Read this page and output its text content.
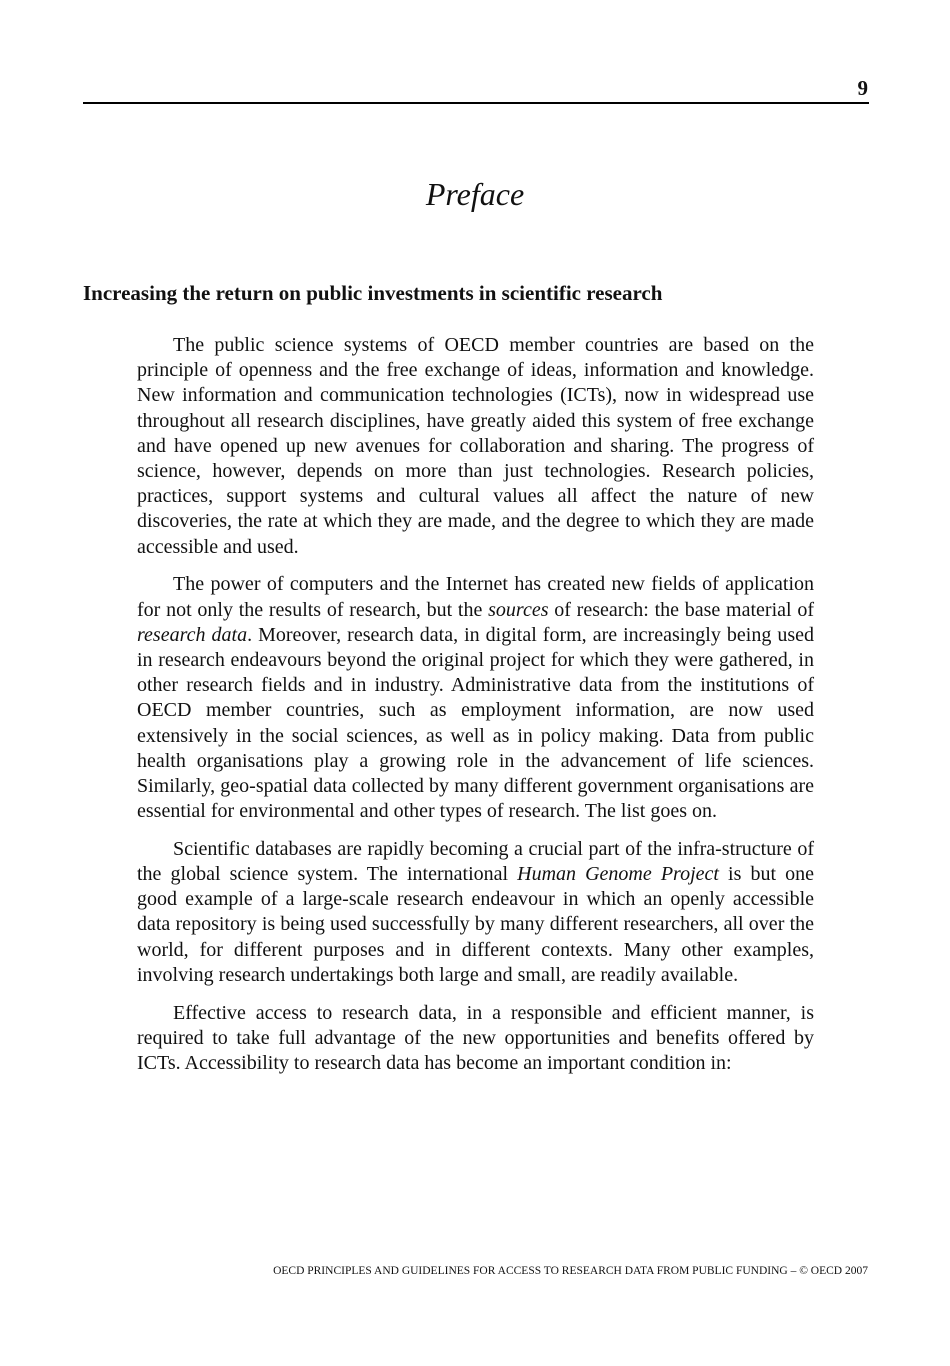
9
Preface
Increasing the return on public investments in scientific research

The public science systems of OECD member countries are based on the principle of openness and the free exchange of ideas, information and knowledge. New information and communication technologies (ICTs), now in widespread use throughout all research disciplines, have greatly aided this system of free exchange and have opened up new avenues for collaboration and sharing. The progress of science, however, depends on more than just technologies. Research policies, practices, support systems and cultural values all affect the nature of new discoveries, the rate at which they are made, and the degree to which they are made accessible and used.

The power of computers and the Internet has created new fields of application for not only the results of research, but the sources of research: the base material of research data. Moreover, research data, in digital form, are increasingly being used in research endeavours beyond the original project for which they were gathered, in other research fields and in industry. Administrative data from the institutions of OECD member countries, such as employment information, are now used extensively in the social sciences, as well as in policy making. Data from public health organisations play a growing role in the advancement of life sciences. Similarly, geo-spatial data collected by many different government organisations are essential for environmental and other types of research. The list goes on.

Scientific databases are rapidly becoming a crucial part of the infra-structure of the global science system. The international Human Genome Project is but one good example of a large-scale research endeavour in which an openly accessible data repository is being used successfully by many different researchers, all over the world, for different purposes and in different contexts. Many other examples, involving research undertakings both large and small, are readily available.

Effective access to research data, in a responsible and efficient manner, is required to take full advantage of the new opportunities and benefits offered by ICTs. Accessibility to research data has become an important condition in:

OECD PRINCIPLES AND GUIDELINES FOR ACCESS TO RESEARCH DATA FROM PUBLIC FUNDING – © OECD 2007
